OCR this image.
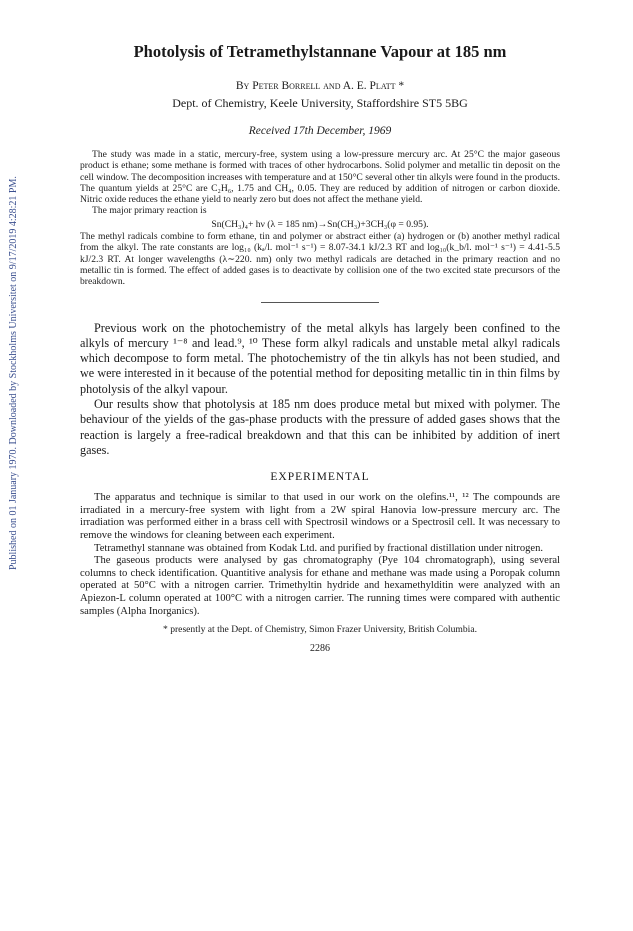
Published on 01 January 1970. Downloaded by Stockholms Universitet on 9/17/2019 4:28:21 PM.
Photolysis of Tetramethylstannane Vapour at 185 nm
By Peter Borrell and A. E. Platt *
Dept. of Chemistry, Keele University, Staffordshire ST5 5BG
Received 17th December, 1969

The study was made in a static, mercury-free, system using a low-pressure mercury arc. At 25°C the major gaseous product is ethane; some methane is formed with traces of other hydrocarbons. Solid polymer and metallic tin deposit on the cell window. The decomposition increases with temperature and at 150°C several other tin alkyls were found in the products. The quantum yields at 25°C are C₂H₆, 1.75 and CH₄, 0.05. They are reduced by addition of nitrogen or carbon dioxide. Nitric oxide reduces the ethane yield to nearly zero but does not affect the methane yield.

The major primary reaction is

Sn(CH₃)₄+ hν (λ = 185 nm)→Sn(CH₃)+3CH₃(φ = 0.95).

The methyl radicals combine to form ethane, tin and polymer or abstract either (a) hydrogen or (b) another methyl radical from the alkyl. The rate constants are log₁₀ (kₐ/l. mol⁻¹ s⁻¹) = 8.07-34.1 kJ/2.3 RT and log₁₀(k_b/l. mol⁻¹ s⁻¹) = 4.41-5.5 kJ/2.3 RT. At longer wavelengths (λ∼220. nm) only two methyl radicals are detached in the primary reaction and no metallic tin is formed. The effect of added gases is to deactivate by collision one of the two excited state precursors of the breakdown.

Previous work on the photochemistry of the metal alkyls has largely been confined to the alkyls of mercury ¹⁻⁸ and lead.⁹, ¹⁰ These form alkyl radicals and unstable metal alkyl radicals which decompose to form metal. The photochemistry of the tin alkyls has not been studied, and we were interested in it because of the potential method for depositing metallic tin in thin films by photolysis of the alkyl vapour.

Our results show that photolysis at 185 nm does produce metal but mixed with polymer. The behaviour of the yields of the gas-phase products with the pressure of added gases shows that the reaction is largely a free-radical breakdown and that this can be inhibited by addition of inert gases.

EXPERIMENTAL

The apparatus and technique is similar to that used in our work on the olefins.¹¹, ¹² The compounds are irradiated in a mercury-free system with light from a 2W spiral Hanovia low-pressure mercury arc. The irradiation was performed either in a brass cell with Spectrosil windows or a Spectrosil cell. It was necessary to remove the windows for cleaning between each experiment.

Tetramethyl stannane was obtained from Kodak Ltd. and purified by fractional distillation under nitrogen.

The gaseous products were analysed by gas chromatography (Pye 104 chromatograph), using several columns to check identification. Quantitive analysis for ethane and methane was made using a Poropak column operated at 50°C with a nitrogen carrier. Trimethyltin hydride and hexamethylditin were analyzed with an Apiezon-L column operated at 100°C with a nitrogen carrier. The running times were compared with authentic samples (Alpha Inorganics).

* presently at the Dept. of Chemistry, Simon Frazer University, British Columbia.
2286
